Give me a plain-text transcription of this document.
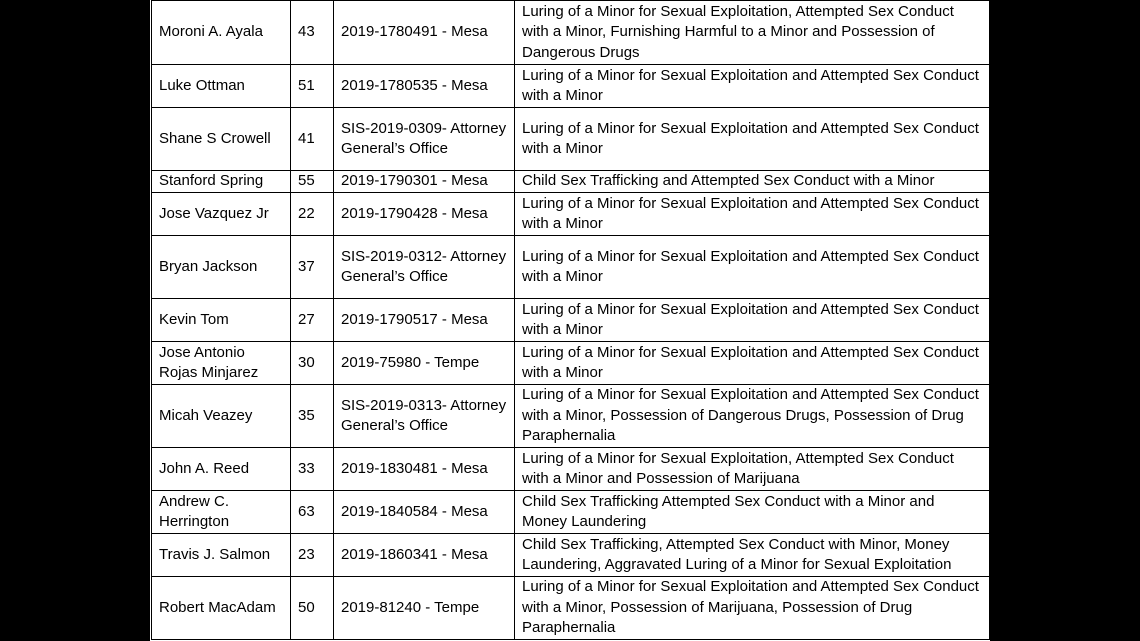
Moroni A. Ayala	43	2019-1780491 - Mesa	Luring of a Minor for Sexual Exploitation, Attempted Sex Conduct with a Minor, Furnishing Harmful to a Minor and Possession of Dangerous Drugs
Luke Ottman	51	2019-1780535 - Mesa	Luring of a Minor for Sexual Exploitation and Attempted Sex Conduct with a Minor
Shane S Crowell	41	SIS-2019-0309- Attorney General’s Office	Luring of a Minor for Sexual Exploitation and Attempted Sex Conduct with a Minor
Stanford Spring	55	2019-1790301 - Mesa	Child Sex Trafficking and Attempted Sex Conduct with a Minor
Jose Vazquez Jr	22	2019-1790428 - Mesa	Luring of a Minor for Sexual Exploitation and Attempted Sex Conduct with a Minor
Bryan Jackson	37	SIS-2019-0312- Attorney General’s Office	Luring of a Minor for Sexual Exploitation and Attempted Sex Conduct with a Minor
Kevin Tom	27	2019-1790517 - Mesa	Luring of a Minor for Sexual Exploitation and Attempted Sex Conduct with a Minor
Jose Antonio Rojas Minjarez	30	2019-75980 - Tempe	Luring of a Minor for Sexual Exploitation and Attempted Sex Conduct with a Minor
Micah Veazey	35	SIS-2019-0313- Attorney General’s Office	Luring of a Minor for Sexual Exploitation and Attempted Sex Conduct with a Minor, Possession of Dangerous Drugs, Possession of Drug Paraphernalia
John A. Reed	33	2019-1830481 - Mesa	Luring of a Minor for Sexual Exploitation, Attempted Sex Conduct with a Minor and Possession of Marijuana
Andrew C. Herrington	63	2019-1840584 - Mesa	Child Sex Trafficking Attempted Sex Conduct with a Minor and Money Laundering
Travis J. Salmon	23	2019-1860341 - Mesa	Child Sex Trafficking, Attempted Sex Conduct with Minor, Money Laundering, Aggravated Luring of a Minor for Sexual Exploitation
Robert MacAdam	50	2019-81240 - Tempe	Luring of a Minor for Sexual Exploitation and Attempted Sex Conduct with a Minor, Possession of Marijuana, Possession of Drug Paraphernalia
